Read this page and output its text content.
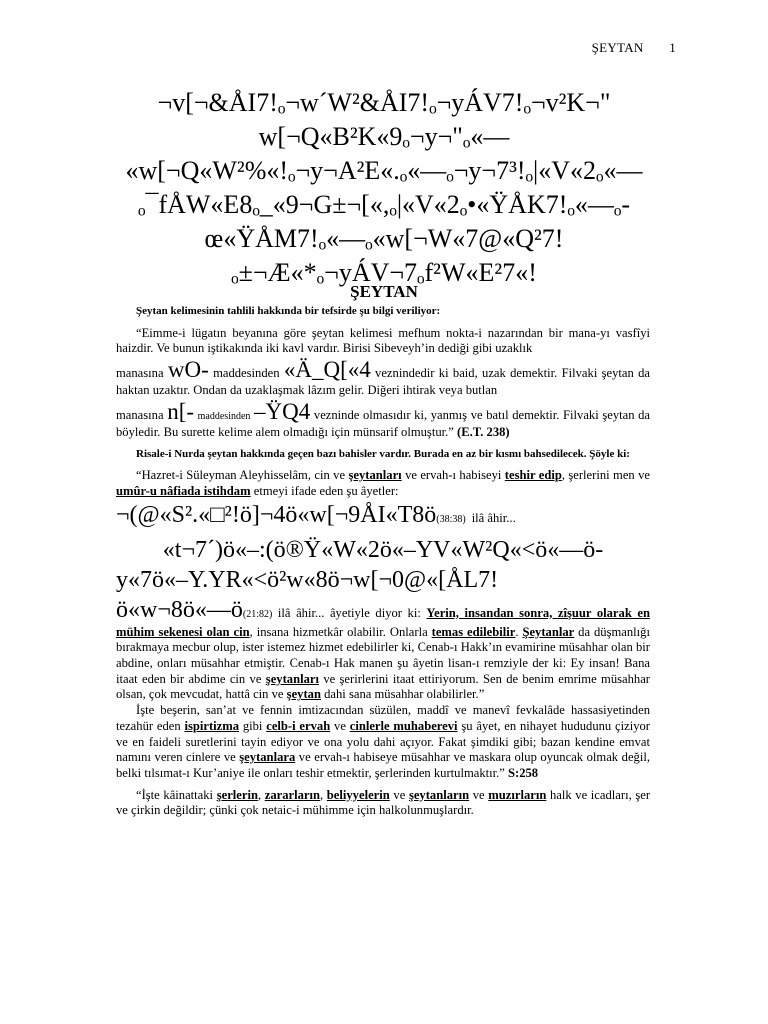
ŞEYTAN 1
¬v[¬&ÅI7!ₒ¬w´W²&ÅI7!ₒ¬yÁV7!ₒ¬v²K¬"
w[¬Q«B²K«9ₒ¬y¬"ₒ«—
«w[¬Q«W²%«!ₒ¬y¬A²E«.ₒ«—ₒ¬y¬7³!ₒ|«V«2ₒ«—
ₒ¯fÅW«E8ₒ_«9¬G±¬[«,ₒ|«V«2ₒ•«ŸÅK7!ₒ«—ₒ-
œ«ŸÅM7!ₒ«—ₒ«w[¬W«7@«Q²7!
ₒ±¬Æ«*ₒ¬yÁV¬7ₒf²W«E²7«!
ŞEYTAN

Şeytan kelimesinin tahlili hakkında bir tefsirde şu bilgi veriliyor:

“Eimme-i lügatın beyanına göre şeytan kelimesi mefhum nokta-i nazarından bir mana-yı vasfîyi haizdir. Ve bunun iştikakında iki kavl vardır. Birisi Sibeveyh’in dediği gibi uzaklık

manasına wO- maddesinden «Ä_Q[«4 veznindedir ki baid, uzak demektir. Filvaki şeytan da haktan uzaktır. Ondan da uzaklaşmak lâzım gelir. Diğeri ihtirak veya butlan

manasına n[- maddesinden –ŸQ4 vezninde olmasıdır ki, yanmış ve batıl demektir. Filvaki şeytan da böyledir. Bu surette kelime alem olmadığı için münsarif olmuştur.” (E.T. 238)

Risale-i Nurda şeytan hakkında geçen bazı bahisler vardır. Burada en az bir kısmı bahsedilecek. Şöyle ki:

“Hazret-i Süleyman Aleyhisselâm, cin ve şeytanları ve ervah-ı habiseyi teshir edip, şerlerini men ve umûr-u nâfiada istihdam etmeyi ifade eden şu âyetler:

¬(@«S².«□²!ö]¬4ö«w[¬9ÅI«T8ö(38:38) ilâ âhir...

«t¬7´)ö«–:(ö®Ÿ«W«2ö«–YV«W²Q«<ö«—ö-

y«7ö«–Y.YR«<ö²w«8ö¬w[¬0@«[ÅL7!

ö«w¬8ö«—ö(21:82) ilâ âhir... âyetiyle diyor ki: Yerin, insandan sonra, zîşuur olarak en mühim sekenesi olan cin, insana hizmetkâr olabilir. Onlarla temas edilebilir. Şeytanlar da düşmanlığı bırakmaya mecbur olup, ister istemez hizmet edebilirler ki, Cenab-ı Hakk’ın evamirine müsahhar olan bir abdine, onları müsahhar etmiştir. Cenab-ı Hak manen şu âyetin lisan-ı remziyle der ki: Ey insan! Bana itaat eden bir abdime cin ve şeytanları ve şerirlerini itaat ettiriyorum. Sen de benim emrime müsahhar olsan, çok mevcudat, hattâ cin ve şeytan dahi sana müsahhar olabilirler.”

İşte beşerin, san’at ve fennin imtizacından süzülen, maddî ve manevî fevkalâde hassasiyetinden tezahür eden ispirtizma gibi celb-i ervah ve cinlerle muhaberevi şu âyet, en nihayet hududunu çiziyor ve en faideli suretlerini tayin ediyor ve ona yolu dahi açıyor. Fakat şimdiki gibi; bazan kendine emvat namını veren cinlere ve şeytanlara ve ervah-ı habiseye müsahhar ve maskara olup oyuncak olmak değil, belki tılsımat-ı Kur’aniye ile onları teshir etmektir, şerlerinden kurtulmaktır.” S:258

“İşte kâinattaki şerlerin, zararların, beliyyelerin ve şeytanların ve muzırların halk ve icadları, şer ve çirkin değildir; çünki çok netaic-i mühimme için halkolunmuşlardır.
